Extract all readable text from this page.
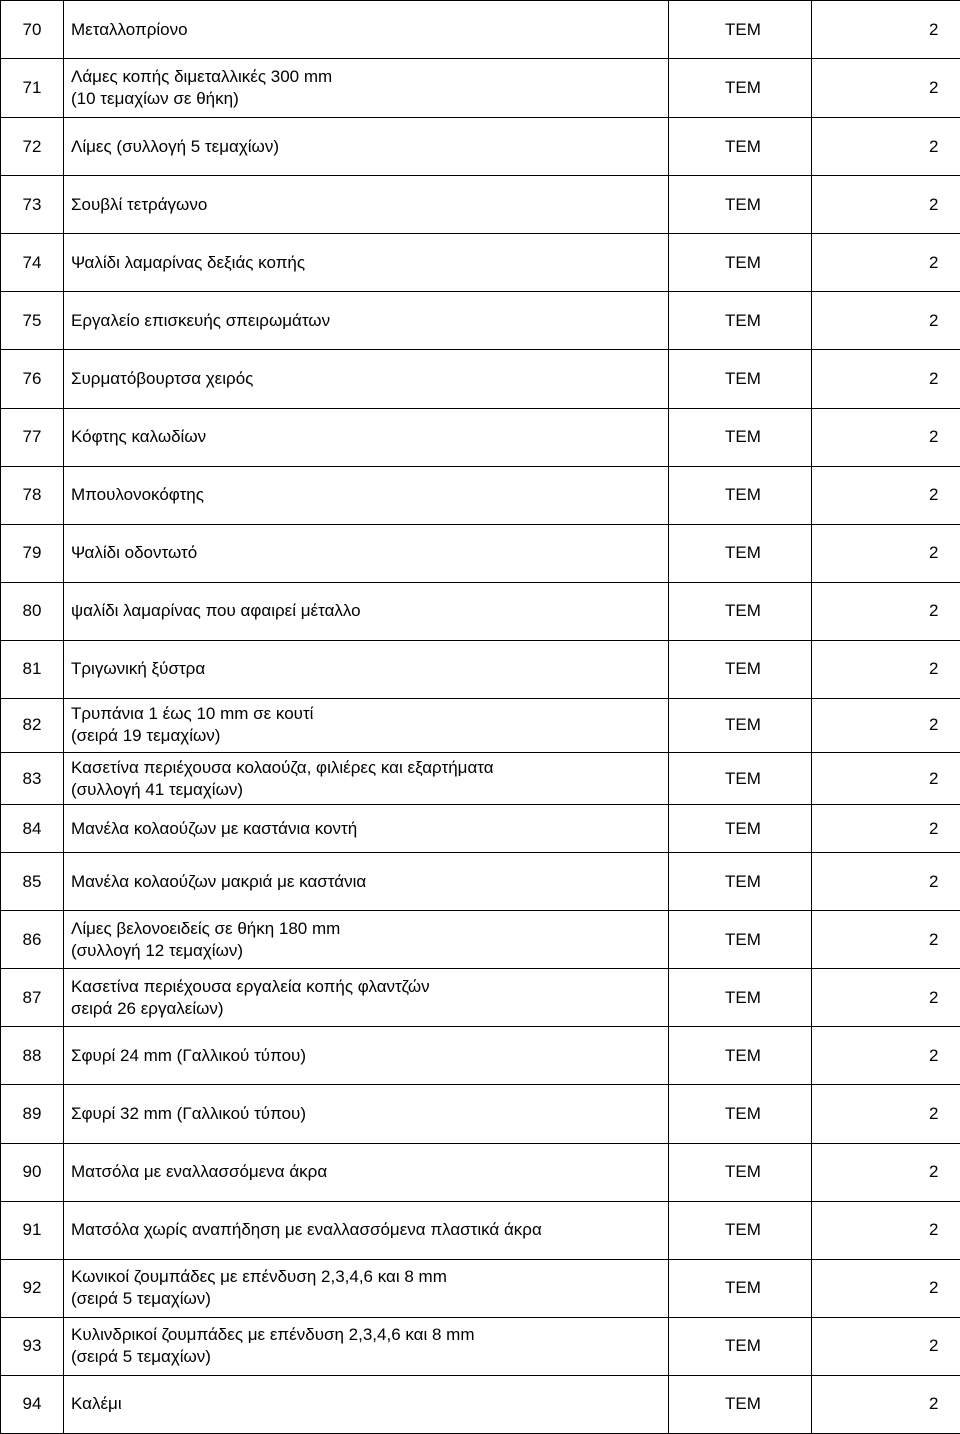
70	Μεταλλοπρίονο	ΤΕΜ	2
71	Λάμες κοπής διμεταλλικές 300 mm
(10 τεμαχίων σε θήκη)	ΤΕΜ	2
72	Λίμες (συλλογή 5 τεμαχίων)	ΤΕΜ	2
73	Σουβλί τετράγωνο	ΤΕΜ	2
74	Ψαλίδι λαμαρίνας δεξιάς κοπής	ΤΕΜ	2
75	Εργαλείο επισκευής σπειρωμάτων	ΤΕΜ	2
76	Συρματόβουρτσα χειρός	ΤΕΜ	2
77	Κόφτης καλωδίων	ΤΕΜ	2
78	Μπουλονοκόφτης	ΤΕΜ	2
79	Ψαλίδι οδοντωτό	ΤΕΜ	2
80	ψαλίδι λαμαρίνας που αφαιρεί μέταλλο	ΤΕΜ	2
81	Τριγωνική ξύστρα	ΤΕΜ	2
82	Τρυπάνια 1 έως 10 mm σε κουτί
(σειρά 19 τεμαχίων)	ΤΕΜ	2
83	Κασετίνα περιέχουσα κολαούζα, φιλιέρες και εξαρτήματα
(συλλογή 41 τεμαχίων)	ΤΕΜ	2
84	Μανέλα κολαούζων με καστάνια κοντή	ΤΕΜ	2
85	Μανέλα κολαούζων μακριά με καστάνια	ΤΕΜ	2
86	Λίμες βελονοειδείς σε θήκη 180 mm
(συλλογή 12 τεμαχίων)	ΤΕΜ	2
87	Κασετίνα περιέχουσα εργαλεία κοπής φλαντζών
σειρά 26 εργαλείων)	ΤΕΜ	2
88	Σφυρί 24 mm (Γαλλικού τύπου)	ΤΕΜ	2
89	Σφυρί 32 mm (Γαλλικού τύπου)	ΤΕΜ	2
90	Ματσόλα με εναλλασσόμενα άκρα	ΤΕΜ	2
91	Ματσόλα χωρίς αναπήδηση με εναλλασσόμενα πλαστικά άκρα	ΤΕΜ	2
92	Κωνικοί ζουμπάδες με επένδυση 2,3,4,6 και 8 mm
(σειρά 5 τεμαχίων)	ΤΕΜ	2
93	Κυλινδρικοί ζουμπάδες με επένδυση 2,3,4,6 και 8 mm
(σειρά 5 τεμαχίων)	ΤΕΜ	2
94	Καλέμι	ΤΕΜ	2
